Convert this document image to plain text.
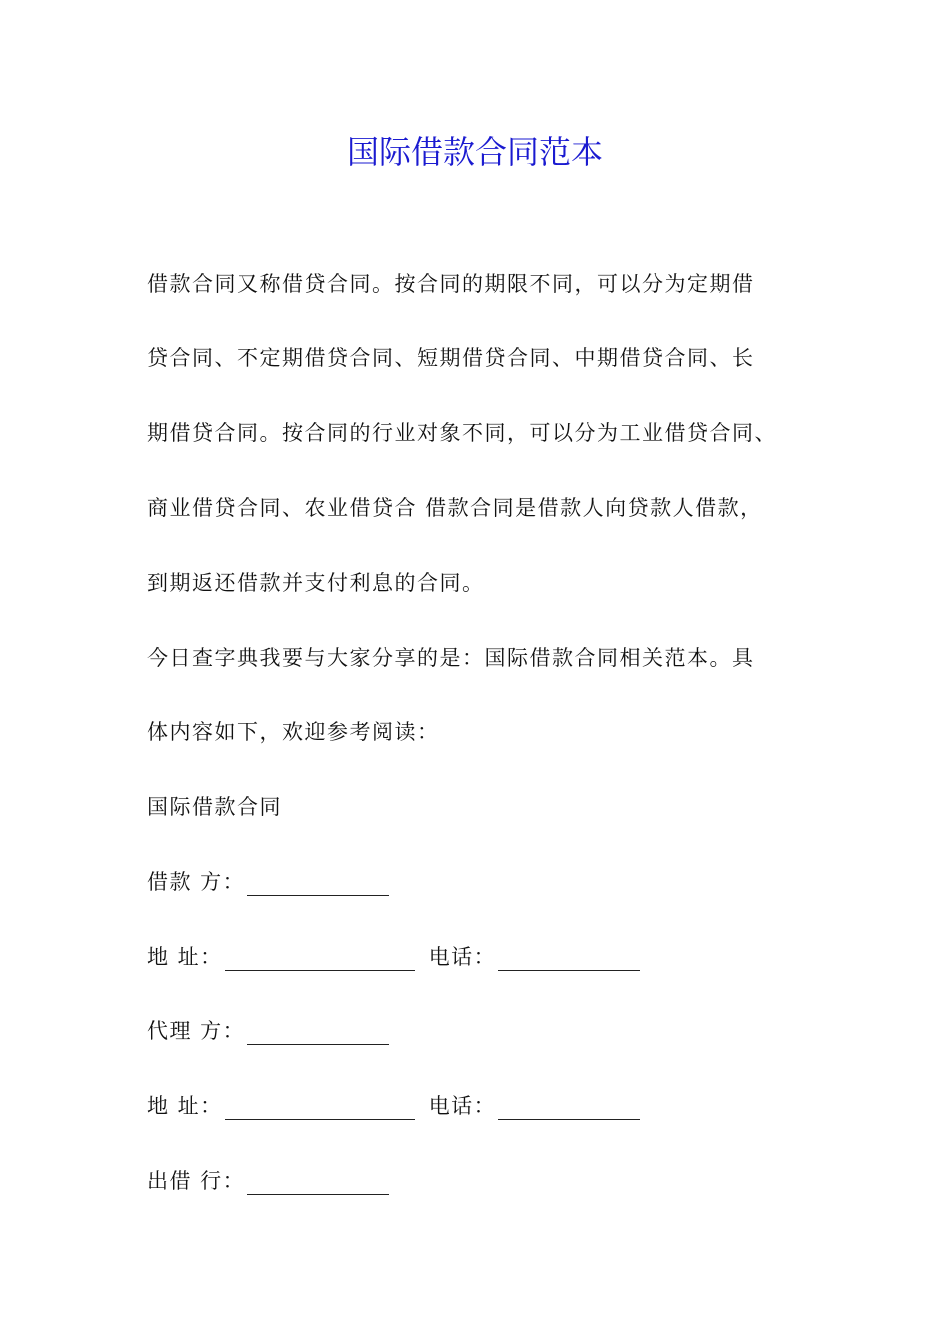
国际借款合同范本
借款合同又称借贷合同。按合同的期限不同，可以分为定期借
贷合同、不定期借贷合同、短期借贷合同、中期借贷合同、长
期借贷合同。按合同的行业对象不同，可以分为工业借贷合同、
商业借贷合同、农业借贷合 借款合同是借款人向贷款人借款，
到期返还借款并支付利息的合同。
今日查字典我要与大家分享的是：国际借款合同相关范本。具
体内容如下，欢迎参考阅读：
国际借款合同
借款 方：
地 址：	电话：
代理 方：
地 址：	电话：
出借 行：
